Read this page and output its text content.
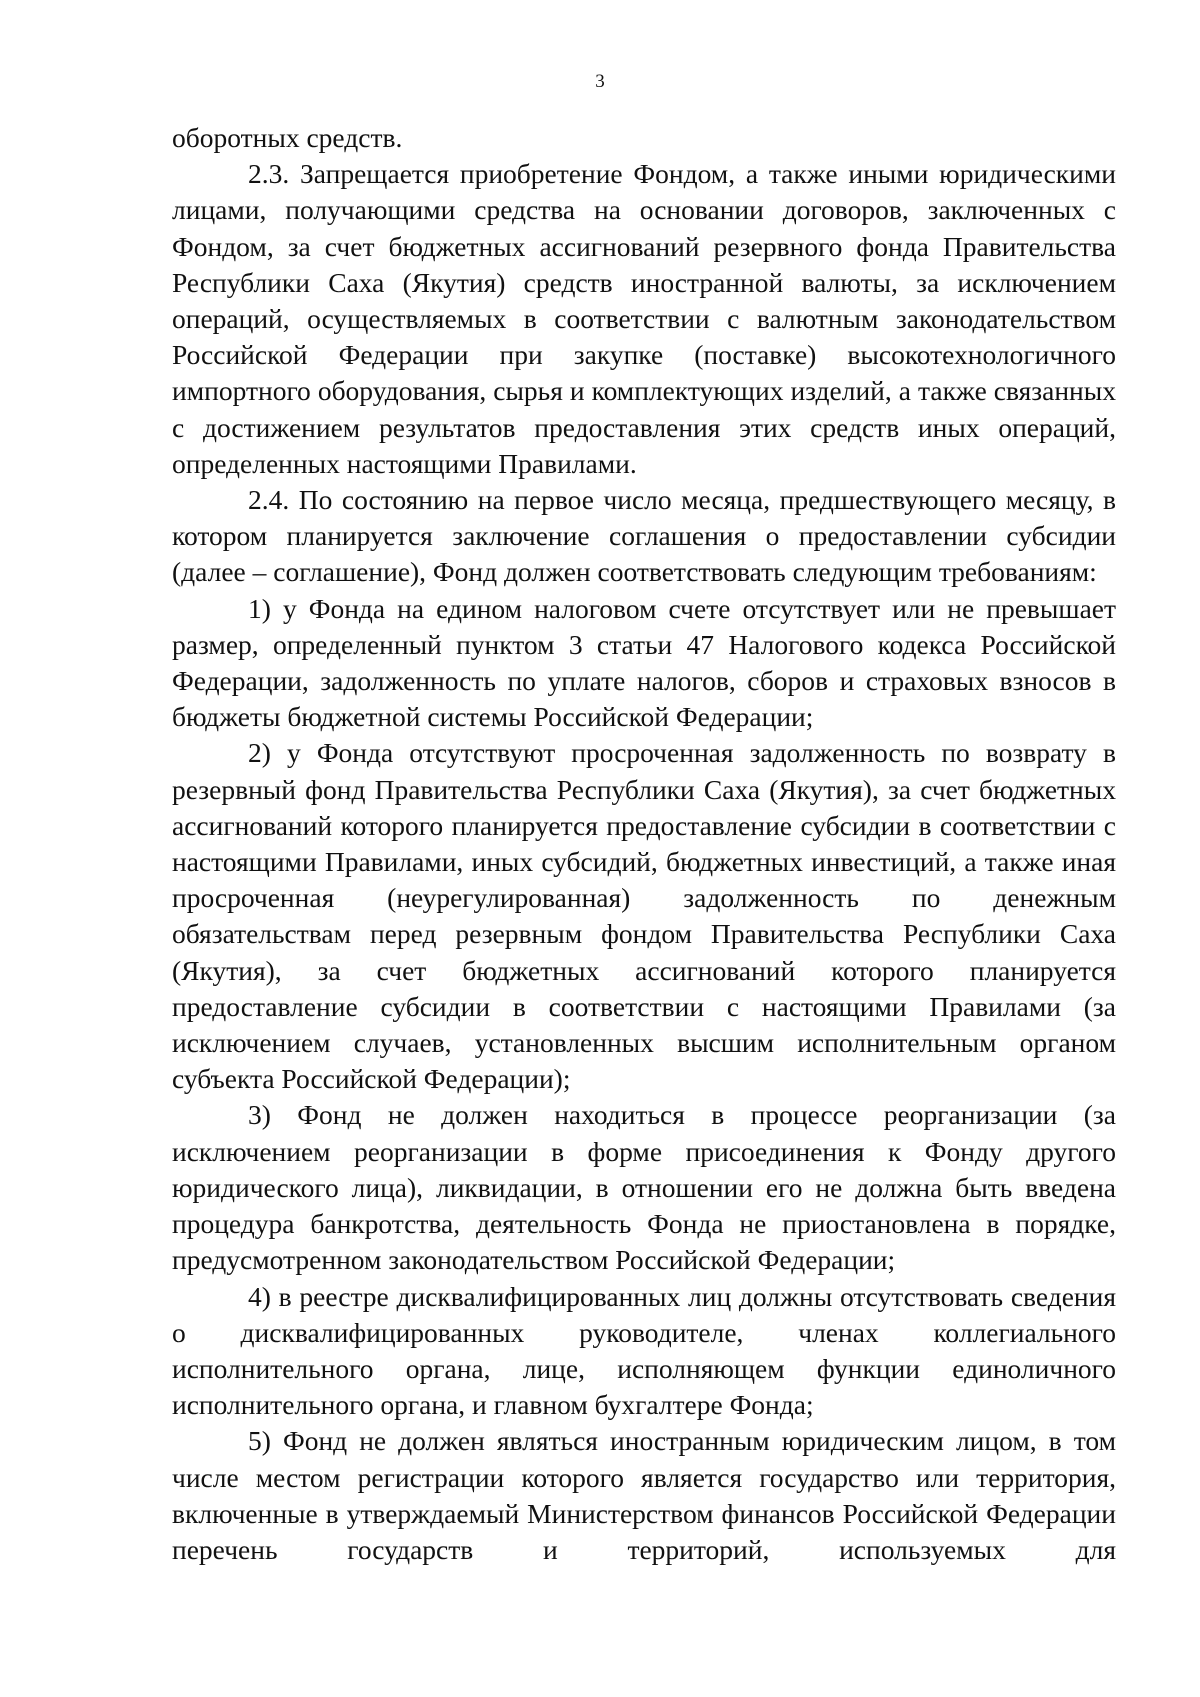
3

оборотных средств.

2.3. Запрещается приобретение Фондом, а также иными юридическими лицами, получающими средства на основании договоров, заключенных с Фондом, за счет бюджетных ассигнований резервного фонда Правительства Республики Саха (Якутия) средств иностранной валюты, за исключением операций, осуществляемых в соответствии с валютным законодательством Российской Федерации при закупке (поставке) высокотехнологичного импортного оборудования, сырья и комплектующих изделий, а также связанных с достижением результатов предоставления этих средств иных операций, определенных настоящими Правилами.

2.4. По состоянию на первое число месяца, предшествующего месяцу, в котором планируется заключение соглашения о предоставлении субсидии (далее – соглашение), Фонд должен соответствовать следующим требованиям:

1) у Фонда на едином налоговом счете отсутствует или не превышает размер, определенный пунктом 3 статьи 47 Налогового кодекса Российской Федерации, задолженность по уплате налогов, сборов и страховых взносов в бюджеты бюджетной системы Российской Федерации;

2) у Фонда отсутствуют просроченная задолженность по возврату в резервный фонд Правительства Республики Саха (Якутия), за счет бюджетных ассигнований которого планируется предоставление субсидии в соответствии с настоящими Правилами, иных субсидий, бюджетных инвестиций, а также иная просроченная (неурегулированная) задолженность по денежным обязательствам перед резервным фондом Правительства Республики Саха (Якутия), за счет бюджетных ассигнований которого планируется предоставление субсидии в соответствии с настоящими Правилами (за исключением случаев, установленных высшим исполнительным органом субъекта Российской Федерации);

3) Фонд не должен находиться в процессе реорганизации (за исключением реорганизации в форме присоединения к Фонду другого юридического лица), ликвидации, в отношении его не должна быть введена процедура банкротства, деятельность Фонда не приостановлена в порядке, предусмотренном законодательством Российской Федерации;

4) в реестре дисквалифицированных лиц должны отсутствовать сведения о дисквалифицированных руководителе, членах коллегиального исполнительного органа, лице, исполняющем функции единоличного исполнительного органа, и главном бухгалтере Фонда;

5) Фонд не должен являться иностранным юридическим лицом, в том числе местом регистрации которого является государство или территория, включенные в утверждаемый Министерством финансов Российской Федерации перечень государств и территорий, используемых для
